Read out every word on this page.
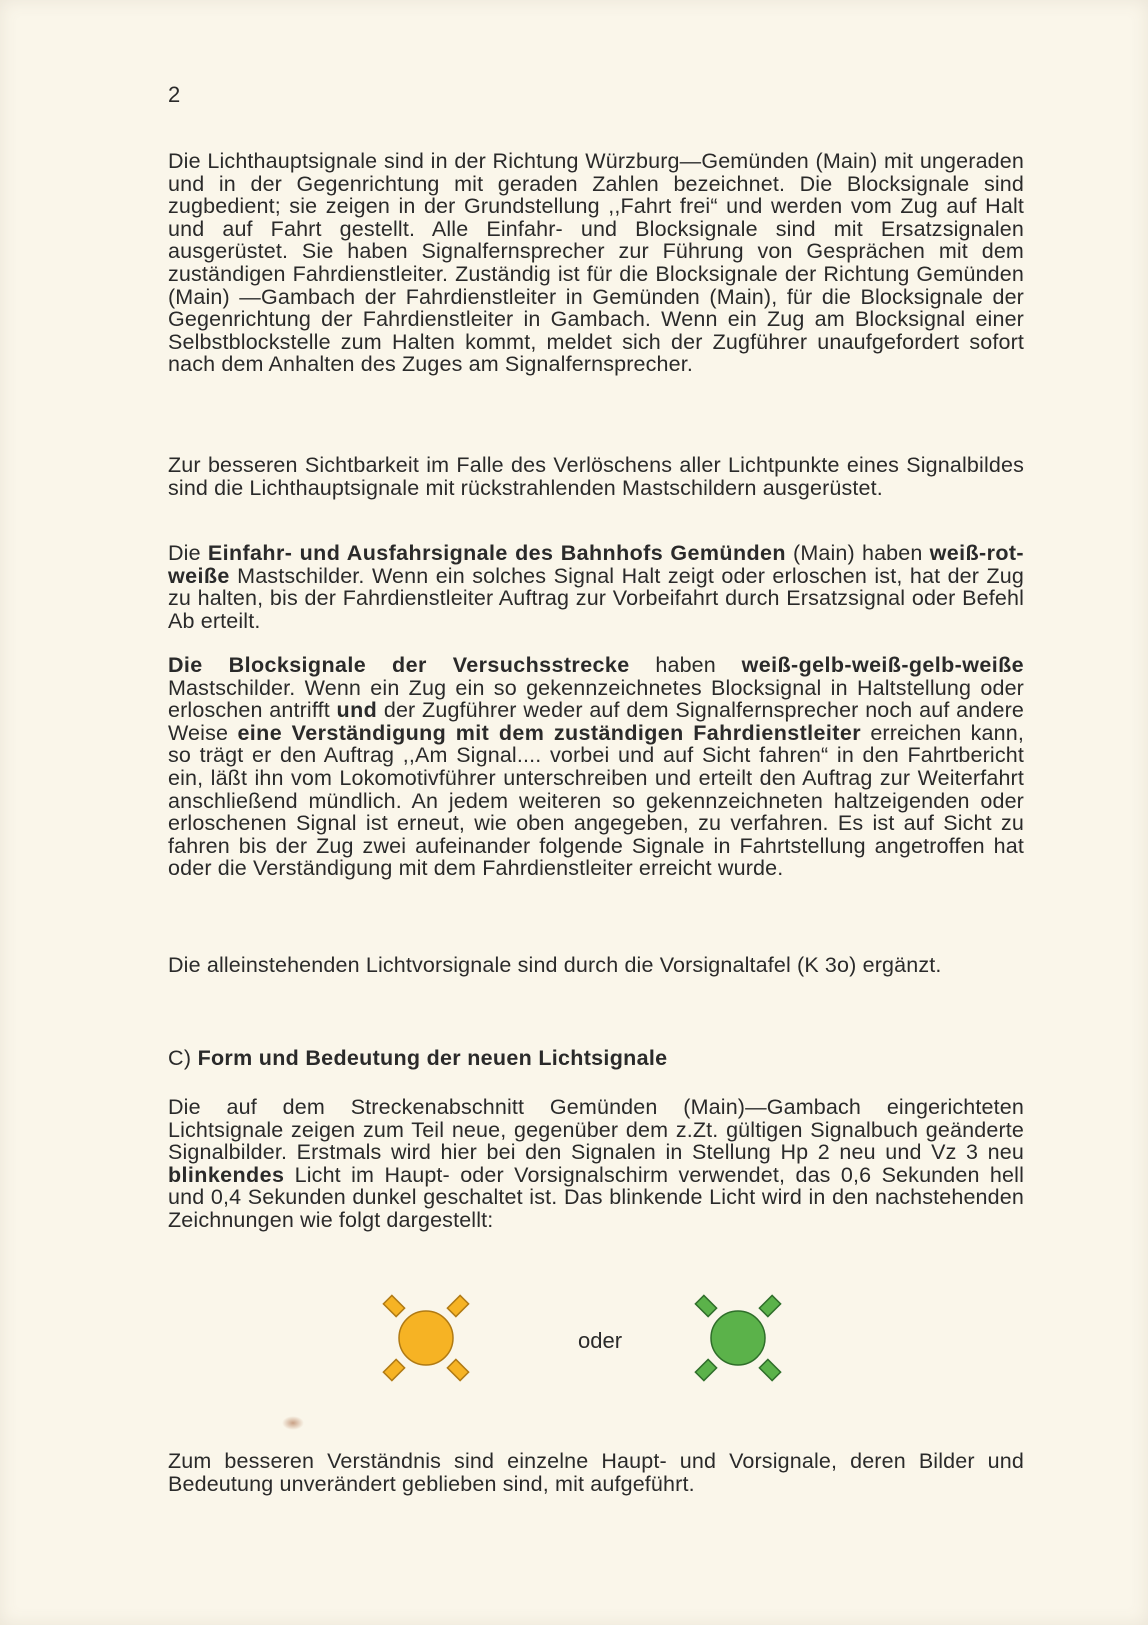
2
Die Lichthauptsignale sind in der Richtung Würzburg—Gemünden (Main) mit ungeraden und in der Gegenrichtung mit geraden Zahlen bezeichnet. Die Blocksignale sind zugbedient; sie zeigen in der Grundstellung ,,Fahrt frei“ und werden vom Zug auf Halt und auf Fahrt gestellt. Alle Einfahr- und Blocksignale sind mit Ersatzsignalen ausgerüstet. Sie haben Signalfernsprecher zur Führung von Gesprächen mit dem zuständigen Fahrdienstleiter. Zuständig ist für die Blocksignale der Richtung Gemünden (Main) —Gambach der Fahrdienstleiter in Gemünden (Main), für die Blocksignale der Gegenrichtung der Fahrdienstleiter in Gambach. Wenn ein Zug am Blocksignal einer Selbstblockstelle zum Halten kommt, meldet sich der Zugführer unaufgefordert sofort nach dem Anhalten des Zuges am Signalfernsprecher.
Zur besseren Sichtbarkeit im Falle des Verlöschens aller Lichtpunkte eines Signalbildes sind die Lichthauptsignale mit rückstrahlenden Mastschildern ausgerüstet.
Die Einfahr- und Ausfahrsignale des Bahnhofs Gemünden (Main) haben weiß-rot-weiße Mastschilder. Wenn ein solches Signal Halt zeigt oder erloschen ist, hat der Zug zu halten, bis der Fahrdienstleiter Auftrag zur Vorbeifahrt durch Ersatzsignal oder Befehl Ab erteilt.
Die Blocksignale der Versuchsstrecke haben weiß-gelb-weiß-gelb-weiße Mastschilder. Wenn ein Zug ein so gekennzeichnetes Blocksignal in Haltstellung oder erloschen antrifft und der Zugführer weder auf dem Signalfernsprecher noch auf andere Weise eine Verständigung mit dem zuständigen Fahrdienstleiter erreichen kann, so trägt er den Auftrag ,,Am Signal.... vorbei und auf Sicht fahren“ in den Fahrtbericht ein, läßt ihn vom Lokomotivführer unterschreiben und erteilt den Auftrag zur Weiterfahrt anschließend mündlich. An jedem weiteren so gekennzeichneten haltzeigenden oder erloschenen Signal ist erneut, wie oben angegeben, zu verfahren. Es ist auf Sicht zu fahren bis der Zug zwei aufeinander folgende Signale in Fahrtstellung angetroffen hat oder die Verständigung mit dem Fahrdienstleiter erreicht wurde.
Die alleinstehenden Lichtvorsignale sind durch die Vorsignaltafel (K 3o) ergänzt.
C) Form und Bedeutung der neuen Lichtsignale
Die auf dem Streckenabschnitt Gemünden (Main)—Gambach eingerichteten Lichtsignale zeigen zum Teil neue, gegenüber dem z.Zt. gültigen Signalbuch geänderte Signalbilder. Erstmals wird hier bei den Signalen in Stellung Hp 2 neu und Vz 3 neu blinkendes Licht im Haupt- oder Vorsignalschirm verwendet, das 0,6 Sekunden hell und 0,4 Sekunden dunkel geschaltet ist. Das blinkende Licht wird in den nachstehenden Zeichnungen wie folgt dargestellt:
oder
Zum besseren Verständnis sind einzelne Haupt- und Vorsignale, deren Bilder und Bedeutung unverändert geblieben sind, mit aufgeführt.
